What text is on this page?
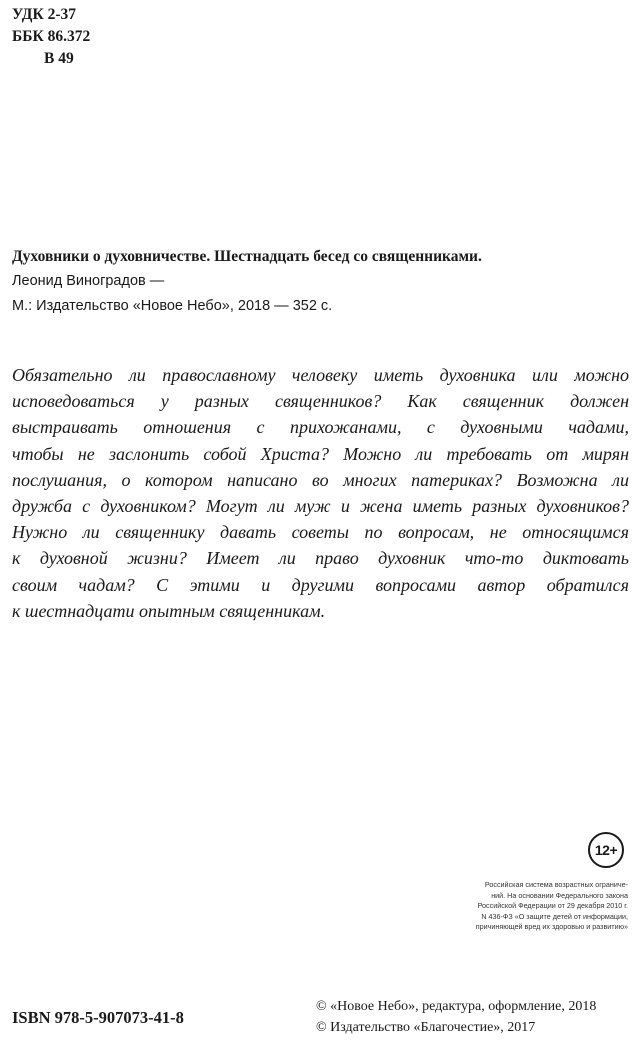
УДК 2-37
ББК 86.372
В 49
Духовники о духовничестве. Шестнадцать бесед со священниками.
Леонид Виноградов —
М.: Издательство «Новое Небо», 2018 — 352 с.
Обязательно ли православному человеку иметь духовника или можно
исповедоваться у разных священников? Как священник должен
выстраивать отношения с прихожанами, с духовными чадами,
чтобы не заслонить собой Христа? Можно ли требовать от мирян
послушания, о котором написано во многих патериках? Возможна ли
дружба с духовником? Могут ли муж и жена иметь разных духовников?
Нужно ли священнику давать советы по вопросам, не относящимся
к духовной жизни? Имеет ли право духовник что-то диктовать
своим чадам? С этими и другими вопросами автор обратился
к шестнадцати опытным священникам.
12+
Российская система возрастных ограниче-
ний. На основании Федерального закона
Российской Федерации от 29 декабря 2010 г.
N 436-ФЗ «О защите детей от информации,
причиняющей вред их здоровью и развитию»
ISBN 978-5-907073-41-8
© «Новое Небо», редактура, оформление, 2018
© Издательство «Благочестие», 2017
